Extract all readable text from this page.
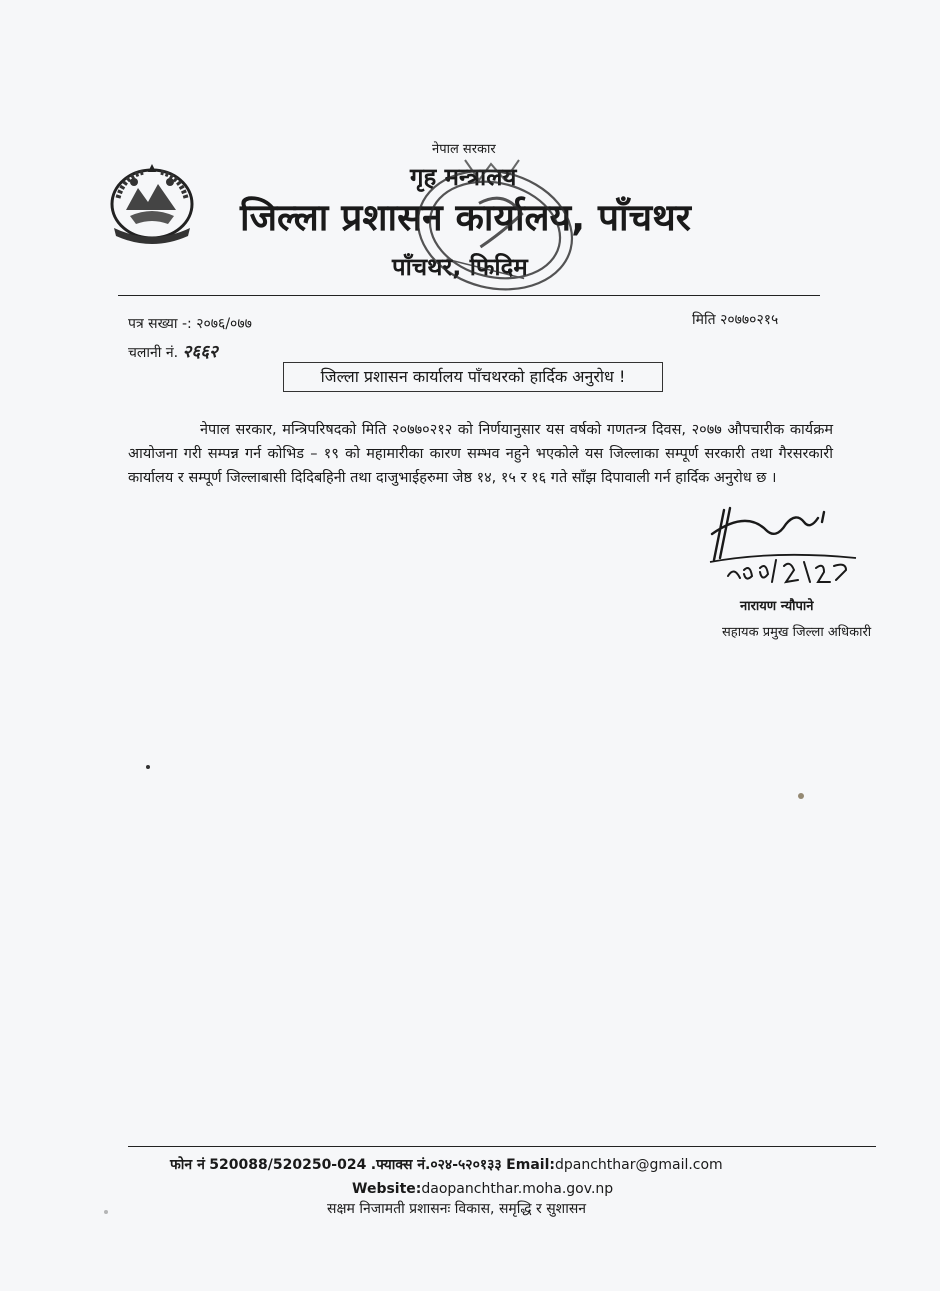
नेपाल सरकार
गृह मन्त्रालय
जिल्ला प्रशासन कार्यालय, पाँचथर
पाँचथर, फिदिम
पत्र सख्या -: २०७६/०७७
चलानी नं. २६६२
मिति २०७७०२१५
जिल्ला प्रशासन कार्यालय पाँचथरको हार्दिक अनुरोध !
नेपाल सरकार, मन्त्रिपरिषदको मिति २०७७०२१२ को निर्णयानुसार यस वर्षको गणतन्त्र दिवस, २०७७ औपचारीक कार्यक्रम आयोजना गरी सम्पन्न गर्न कोभिड – १९ को महामारीका कारण सम्भव नहुने भएकोले यस जिल्लाका सम्पूर्ण सरकारी तथा गैरसरकारी कार्यालय र सम्पूर्ण जिल्लाबासी दिदिबहिनी तथा दाजुभाईहरुमा जेष्ठ १४, १५ र १६ गते साँझ दिपावाली गर्न हार्दिक अनुरोध छ ।
नारायण न्यौपाने
सहायक प्रमुख जिल्ला अधिकारी
फोन नं 520088/520250-024 .फ्याक्स नं.०२४-५२०१३३ Email:dpanchthar@gmail.com
Website:daopanchthar.moha.gov.np
सक्षम निजामती प्रशासनः विकास, समृद्धि र सुशासन
